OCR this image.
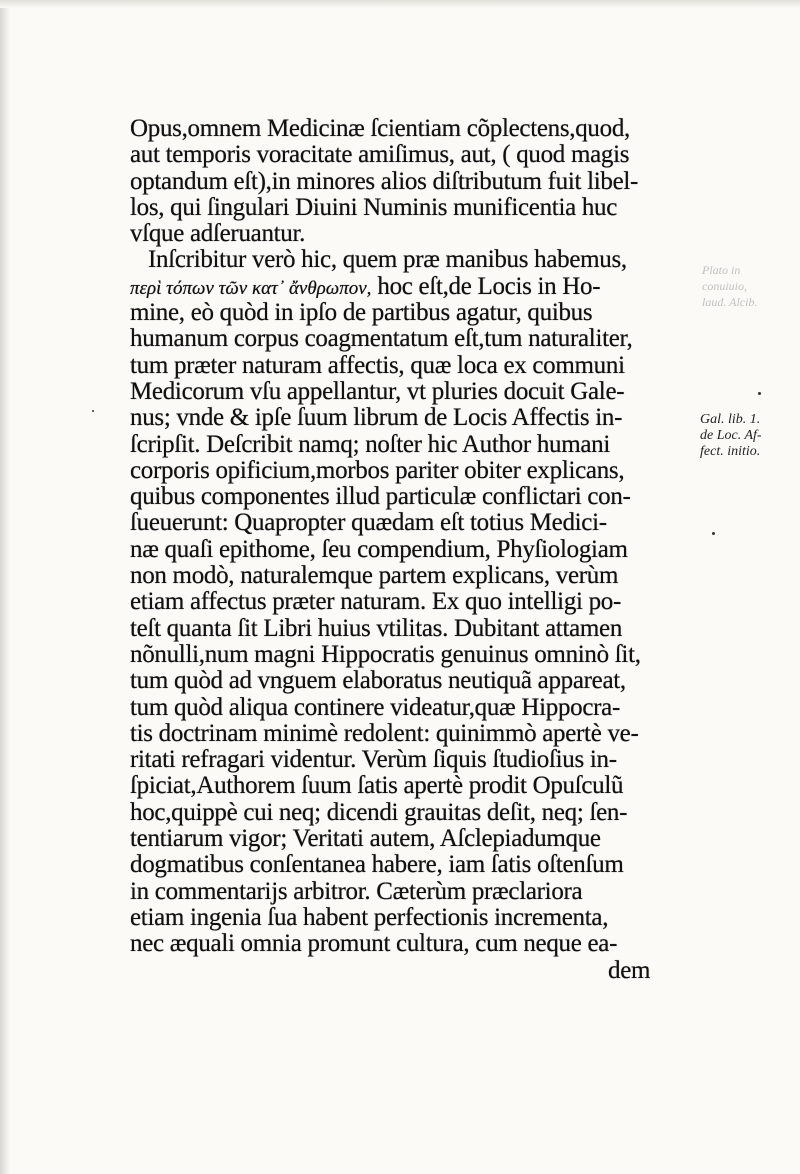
Plato in
conuiuio,
laud. Alcib.
Opus,omnem Medicinæ ſcientiam cõplectens,quod,
aut temporis voracitate amiſimus, aut, ( quod magis
optandum eſt),in minores alios diſtributum fuit libel-
los, qui ſingulari Diuini Numinis munificentia huc
vſque adſeruantur.
Inſcribitur verò hic, quem præ manibus habemus,
περὶ τόπων τῶν κατ᾽ ἄνθρωπον, hoc eſt,de Locis in Ho-
mine, eò quòd in ipſo de partibus agatur, quibus
humanum corpus coagmentatum eſt,tum naturaliter,
tum præter naturam affectis, quæ loca ex communi
Medicorum vſu appellantur, vt pluries docuit Gale-
nus; vnde & ipſe ſuum librum de Locis Affectis in-
ſcripſit. Deſcribit namq; noſter hic Author humani
corporis opificium,morbos pariter obiter explicans,
quibus componentes illud particulæ conflictari con-
ſueuerunt: Quapropter quædam eſt totius Medici-
næ quaſi epithome, ſeu compendium, Phyſiologiam
non modò, naturalemque partem explicans, verùm
etiam affectus præter naturam. Ex quo intelligi po-
teſt quanta ſit Libri huius vtilitas. Dubitant attamen
nõnulli,num magni Hippocratis genuinus omninò ſit,
tum quòd ad vnguem elaboratus neutiquã appareat,
tum quòd aliqua continere videatur,quæ Hippocra-
tis doctrinam minimè redolent: quinimmò apertè ve-
ritati refragari videntur. Verùm ſiquis ſtudioſius in-
ſpiciat,Authorem ſuum ſatis apertè prodit Opuſculũ
hoc,quippè cui neq; dicendi grauitas deſit, neq; ſen-
tentiarum vigor; Veritati autem, Aſclepiadumque
dogmatibus conſentanea habere, iam ſatis oſtenſum
in commentarijs arbitror. Cæterùm præclariora
etiam ingenia ſua habent perfectionis incrementa,
nec æquali omnia promunt cultura, cum neque ea-
dem
Gal. lib. 1.
de Loc. Af-
fect. initio.
